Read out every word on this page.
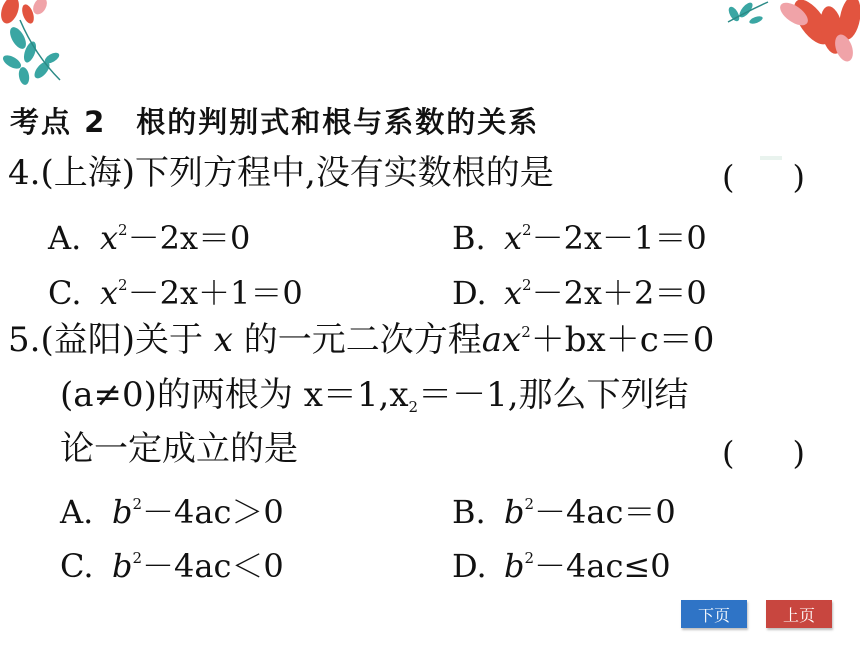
考点 2 根的判别式和根与系数的关系
4.(上海)下列方程中,没有实数根的是	( )
A. $x^2-2x=0$	B. $x^2-2x-1=0$
C. $x^2-2x+1=0$	D. $x^2-2x+2=0$
5.(益阳)关于 x 的一元二次方程$ax^2+bx+c=0$
(a≠0)的两根为 $x=1,x_2=-1$,那么下列结
论一定成立的是	( )
A. $b^2-4ac>0$	B. $b^2-4ac=0$
C. $b^2-4ac<0$	D. $b^2-4ac\le 0$
下页	上页
